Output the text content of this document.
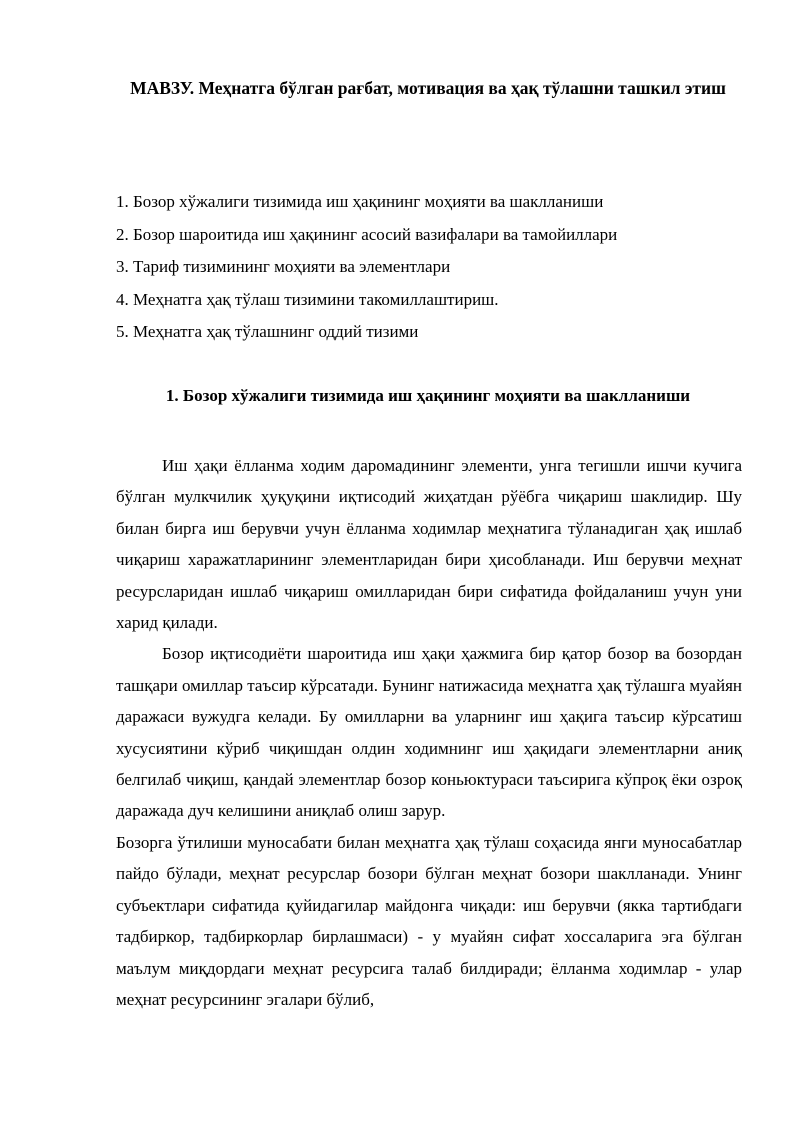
МАВЗУ. Меҳнатга бўлган рағбат, мотивация ва ҳақ тўлашни ташкил этиш
1. Бозор хўжалиги тизимида иш ҳақининг моҳияти ва шаклланиши
2. Бозор шароитида иш ҳақининг асосий вазифалари ва тамойиллари
3. Тариф тизимининг моҳияти ва элементлари
4. Меҳнатга ҳақ тўлаш тизимини такомиллаштириш.
5. Меҳнатга ҳақ тўлашнинг оддий тизими
1. Бозор хўжалиги тизимида иш ҳақининг моҳияти ва шаклланиши

Иш ҳақи ёлланма ходим даромадининг элементи, унга тегишли ишчи кучига бўлган мулкчилик ҳуқуқини иқтисодий жиҳатдан рўёбга чиқариш шаклидир. Шу билан бирга иш берувчи учун ёлланма ходимлар меҳнатига тўланадиган ҳақ ишлаб чиқариш харажатларининг элементларидан бири ҳисобланади. Иш берувчи меҳнат ресурсларидан ишлаб чиқариш омилларидан бири сифатида фойдаланиш учун уни харид қилади.

Бозор иқтисодиёти шароитида иш ҳақи ҳажмига бир қатор бозор ва бозордан ташқари омиллар таъсир кўрсатади. Бунинг натижасида меҳнатга ҳақ тўлашга муайян даражаси вужудга келади. Бу омилларни ва уларнинг иш ҳақига таъсир кўрсатиш хусусиятини кўриб чиқишдан олдин ходимнинг иш ҳақидаги элементларни аниқ белгилаб чиқиш, қандай элементлар бозор коньюктураси таъсирига кўпроқ ёки озроқ даражада дуч келишини аниқлаб олиш зарур.

Бозорга ўтилиши муносабати билан меҳнатга ҳақ тўлаш соҳасида янги муносабатлар пайдо бўлади, меҳнат ресурслар бозори бўлган меҳнат бозори шаклланади. Унинг субъектлари сифатида қуйидагилар майдонга чиқади: иш берувчи (якка тартибдаги тадбиркор, тадбиркорлар бирлашмаси) - у муайян сифат хоссаларига эга бўлган маълум миқдордаги меҳнат ресурсига талаб билдиради; ёлланма ходимлар - улар меҳнат ресурсининг эгалари бўлиб,
